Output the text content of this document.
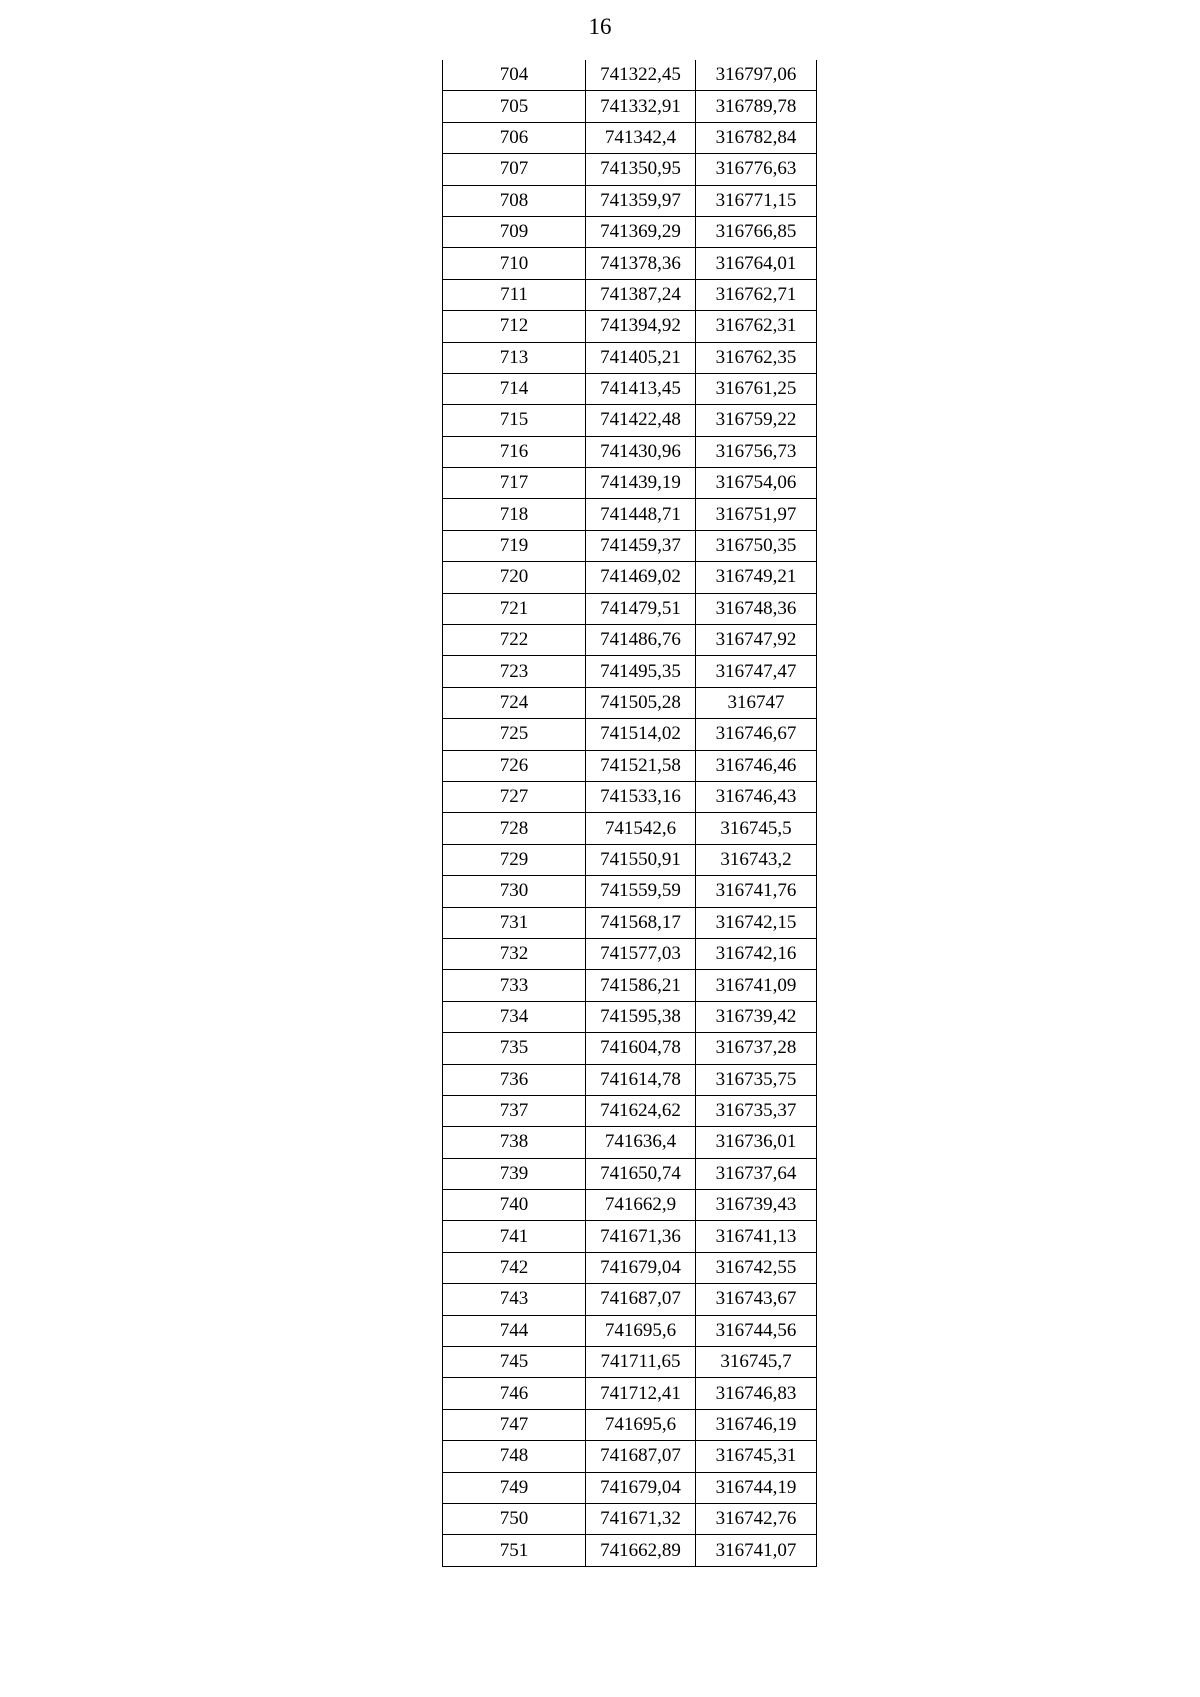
16
704	741322,45	316797,06
705	741332,91	316789,78
706	741342,4	316782,84
707	741350,95	316776,63
708	741359,97	316771,15
709	741369,29	316766,85
710	741378,36	316764,01
711	741387,24	316762,71
712	741394,92	316762,31
713	741405,21	316762,35
714	741413,45	316761,25
715	741422,48	316759,22
716	741430,96	316756,73
717	741439,19	316754,06
718	741448,71	316751,97
719	741459,37	316750,35
720	741469,02	316749,21
721	741479,51	316748,36
722	741486,76	316747,92
723	741495,35	316747,47
724	741505,28	316747
725	741514,02	316746,67
726	741521,58	316746,46
727	741533,16	316746,43
728	741542,6	316745,5
729	741550,91	316743,2
730	741559,59	316741,76
731	741568,17	316742,15
732	741577,03	316742,16
733	741586,21	316741,09
734	741595,38	316739,42
735	741604,78	316737,28
736	741614,78	316735,75
737	741624,62	316735,37
738	741636,4	316736,01
739	741650,74	316737,64
740	741662,9	316739,43
741	741671,36	316741,13
742	741679,04	316742,55
743	741687,07	316743,67
744	741695,6	316744,56
745	741711,65	316745,7
746	741712,41	316746,83
747	741695,6	316746,19
748	741687,07	316745,31
749	741679,04	316744,19
750	741671,32	316742,76
751	741662,89	316741,07
